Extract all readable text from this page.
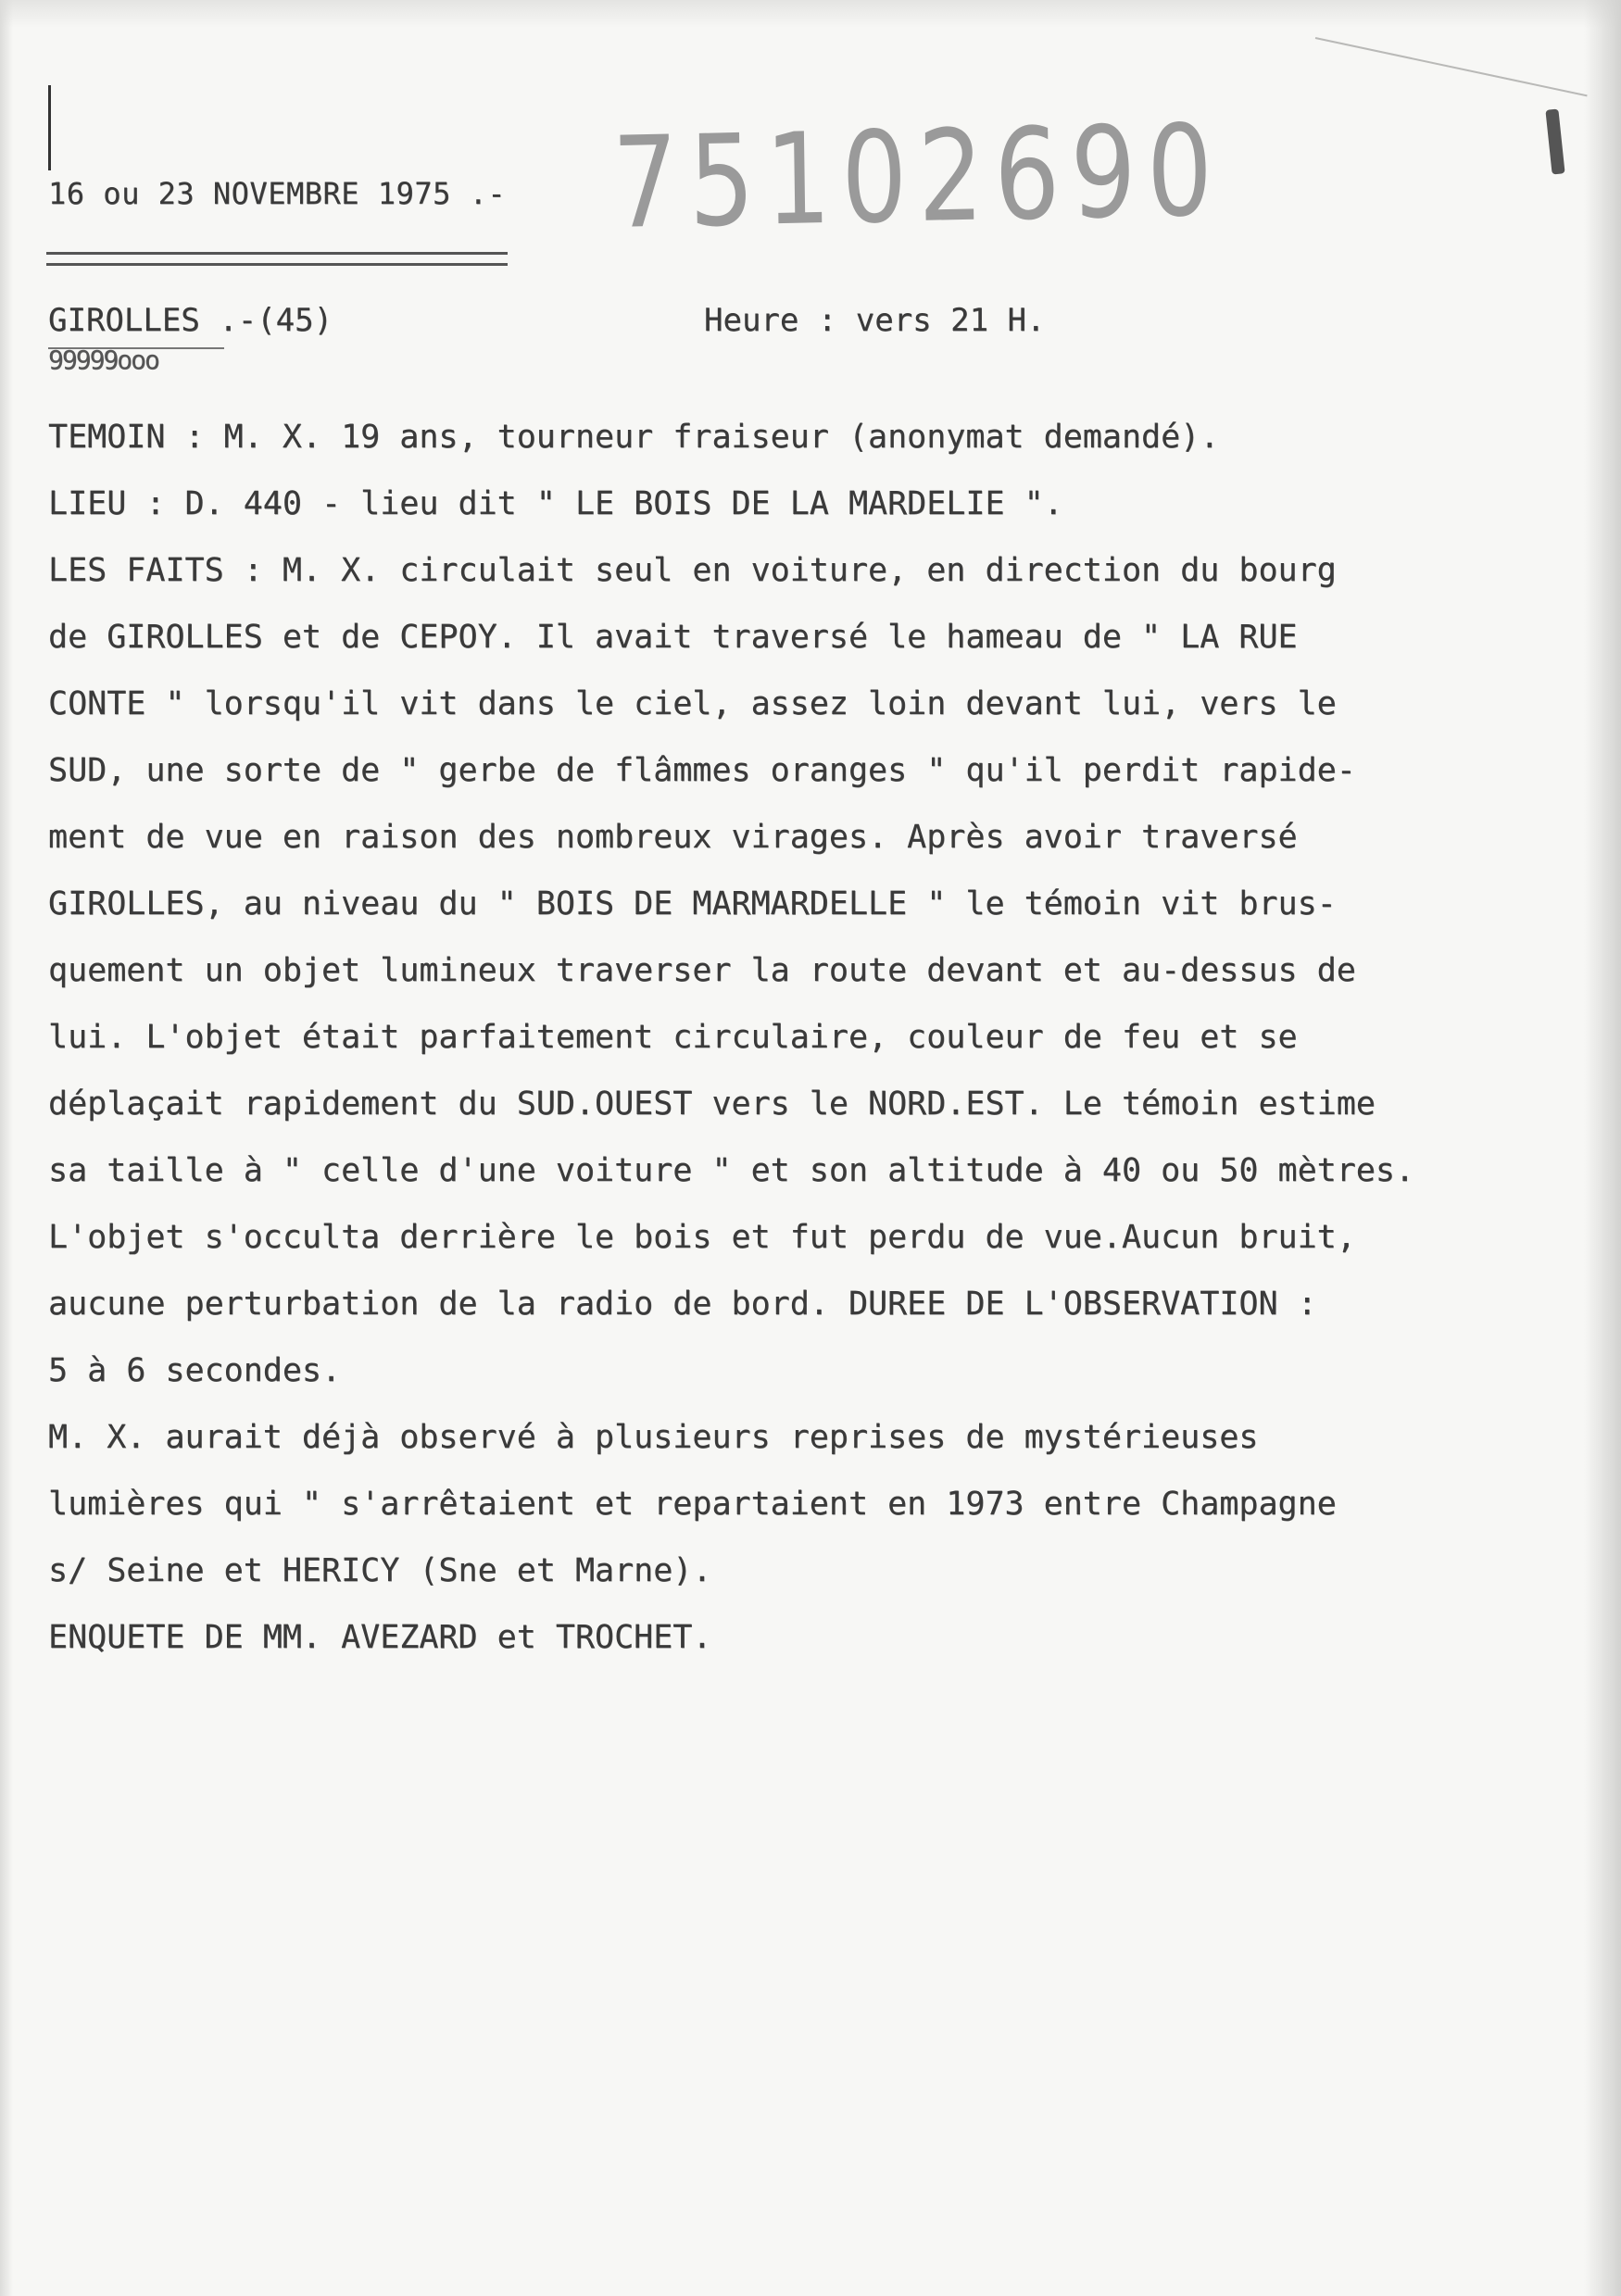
16 ou 23 NOVEMBRE 1975 .- 75102690
GIROLLES .-(45)
99999ooo
Heure : vers 21 H.
TEMOIN : M. X. 19 ans, tourneur fraiseur (anonymat demandé).
LIEU : D. 440 - lieu dit " LE BOIS DE LA MARDELIE ".
LES FAITS : M. X. circulait seul en voiture, en direction du bourg
de GIROLLES et de CEPOY. Il avait traversé le hameau de " LA RUE
CONTE " lorsqu'il vit dans le ciel, assez loin devant lui, vers le
SUD, une sorte de " gerbe de flâmmes oranges " qu'il perdit rapide-
ment de vue en raison des nombreux virages. Après avoir traversé
GIROLLES, au niveau du " BOIS DE MARMARDELLE " le témoin vit brus-
quement un objet lumineux traverser la route devant et au-dessus de
lui. L'objet était parfaitement circulaire, couleur de feu et se
déplaçait rapidement du SUD.OUEST vers le NORD.EST. Le témoin estime
sa taille à " celle d'une voiture " et son altitude à 40 ou 50 mètres.
L'objet s'occulta derrière le bois et fut perdu de vue.Aucun bruit,
aucune perturbation de la radio de bord. DUREE DE L'OBSERVATION :
5 à 6 secondes.
M. X. aurait déjà observé à plusieurs reprises de mystérieuses
lumières qui " s'arrêtaient et repartaient en 1973 entre Champagne
s/ Seine et HERICY (Sne et Marne).
ENQUETE DE MM. AVEZARD et TROCHET.
